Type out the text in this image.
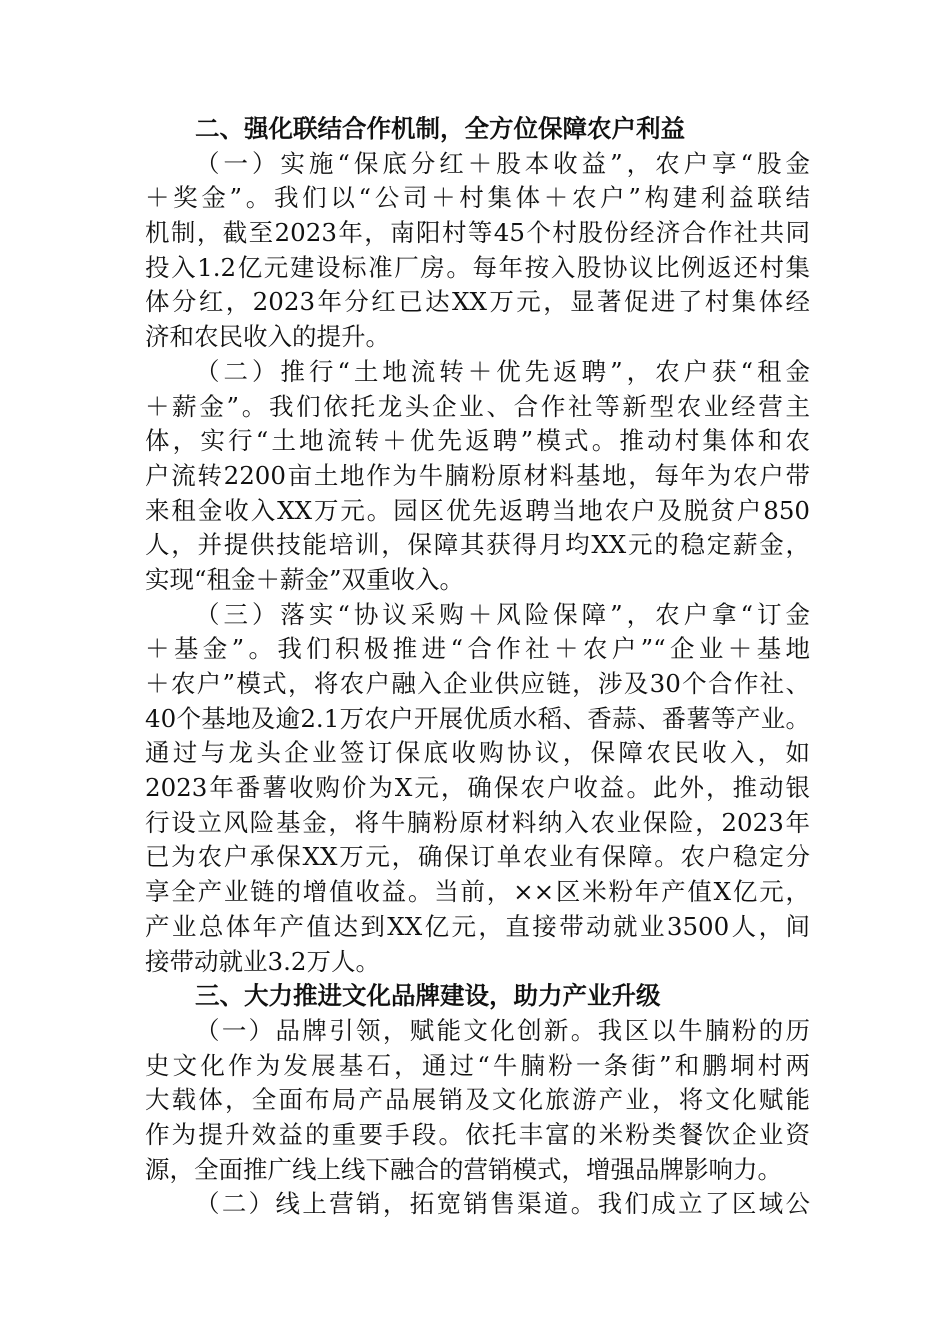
二、强化联结合作机制，全方位保障农户利益
（一）实施“保底分红＋股本收益”，农户享“股金
＋奖金”。我们以“公司＋村集体＋农户”构建利益联结
机制，截至2023年，南阳村等45个村股份经济合作社共同
投入1.2亿元建设标准厂房。每年按入股协议比例返还村集
体分红，2023年分红已达XX万元，显著促进了村集体经
济和农民收入的提升。
（二）推行“土地流转＋优先返聘”，农户获“租金
＋薪金”。我们依托龙头企业、合作社等新型农业经营主
体，实行“土地流转＋优先返聘”模式。推动村集体和农
户流转2200亩土地作为牛腩粉原材料基地，每年为农户带
来租金收入XX万元。园区优先返聘当地农户及脱贫户850
人，并提供技能培训，保障其获得月均XX元的稳定薪金，
实现“租金＋薪金”双重收入。
（三）落实“协议采购＋风险保障”，农户拿“订金
＋基金”。我们积极推进“合作社＋农户”“企业＋基地
＋农户”模式，将农户融入企业供应链，涉及30个合作社、
40个基地及逾2.1万农户开展优质水稻、香蒜、番薯等产业。
通过与龙头企业签订保底收购协议，保障农民收入，如
2023年番薯收购价为X元，确保农户收益。此外，推动银
行设立风险基金，将牛腩粉原材料纳入农业保险，2023年
已为农户承保XX万元，确保订单农业有保障。农户稳定分
享全产业链的增值收益。当前，××区米粉年产值X亿元，
产业总体年产值达到XX亿元，直接带动就业3500人，间
接带动就业3.2万人。
三、大力推进文化品牌建设，助力产业升级
（一）品牌引领，赋能文化创新。我区以牛腩粉的历
史文化作为发展基石，通过“牛腩粉一条街”和鹏垌村两
大载体，全面布局产品展销及文化旅游产业，将文化赋能
作为提升效益的重要手段。依托丰富的米粉类餐饮企业资
源，全面推广线上线下融合的营销模式，增强品牌影响力。
（二）线上营销，拓宽销售渠道。我们成立了区域公
